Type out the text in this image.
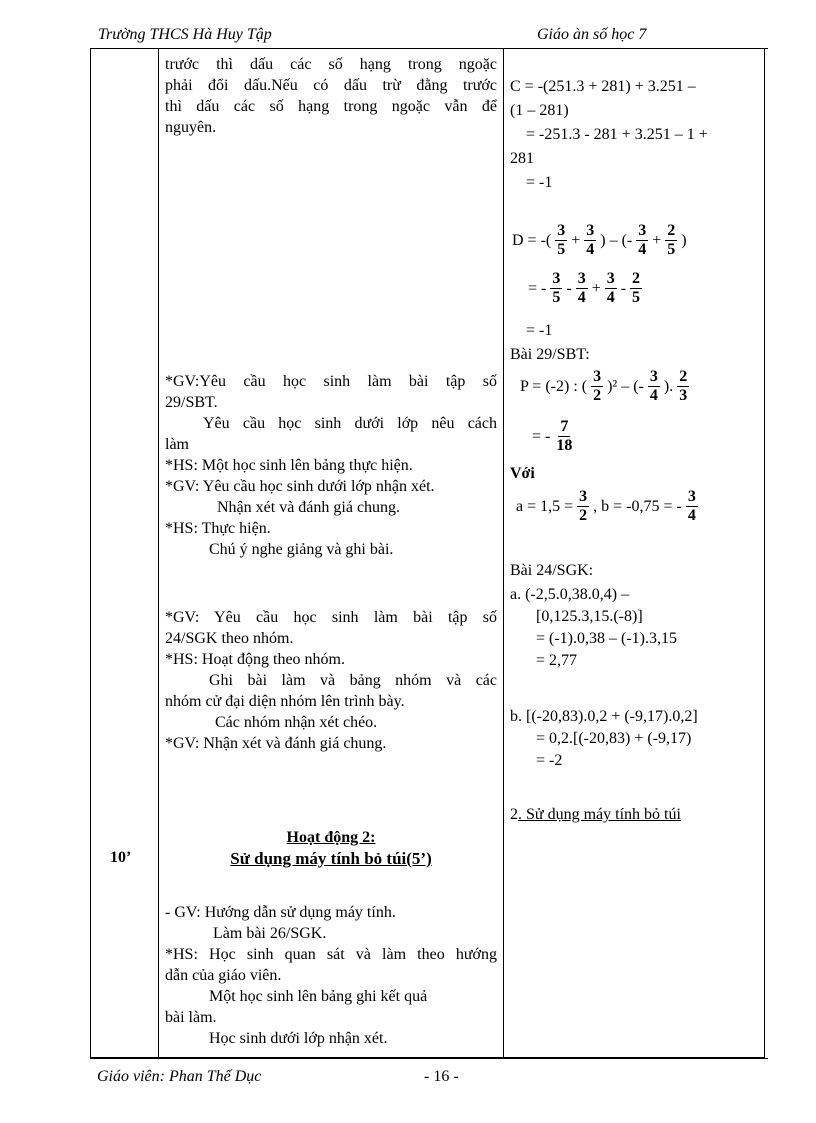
Trường THCS Hà Huy Tập	Giáo àn số học 7
10’
trước thì dấu các số hạng trong ngoặc
phải đổi dấu.Nếu có dấu trừ đằng trước
thì dấu các số hạng trong ngoặc vẫn để
nguyên.
*GV:Yêu cầu học sinh làm bài tập số
29/SBT.
Yêu cầu học sinh dưới lớp nêu cách
làm
*HS: Một học sinh lên bảng thực hiện.
*GV: Yêu cầu học sinh dưới lớp nhận xét.
Nhận xét và đánh giá chung.
*HS: Thực hiện.
Chú ý nghe giảng và ghi bài.
*GV: Yêu cầu học sinh làm bài tập số
24/SGK theo nhóm.
*HS: Hoạt động theo nhóm.
Ghi bài làm và bảng nhóm và các
nhóm cử đại diện nhóm lên trình bày.
Các nhóm nhận xét chéo.
*GV: Nhận xét và đánh giá chung.
Hoạt động 2:
Sử dụng máy tính bỏ túi(5’)
- GV: Hướng dẫn sử dụng máy tính.
Làm bài 26/SGK.
*HS: Học sinh quan sát và làm theo hướng
dẫn của giáo viên.
Một học sinh lên bảng ghi kết quả
bài làm.
Học sinh dưới lớp nhận xét.
C = -(251.3 + 281) + 3.251 –
(1 – 281)
= -251.3 - 281 + 3.251 – 1 +
281
= -1
D = -( $\frac{3}{5} + \frac{3}{4}$ ) – (- $\frac{3}{4} + \frac{2}{5}$ )
= - $\frac{3}{5} - \frac{3}{4} + \frac{3}{4} - \frac{2}{5}$
= -1
Bài 29/SBT:
P = (-2) : ( $\frac{3}{2} )^2$ – (- $\frac{3}{4}$ ). $\frac{2}{3}$
= - $\frac{7}{18}$
Với
$a = 1,5 = \frac{3}{2}$ , b = -0,75 = - $\frac{3}{4}$
Bài 24/SGK:
a. (-2,5.0,38.0,4) –
[0,125.3,15.(-8)]
= (-1).0,38 – (-1).3,15
= 2,77
b. [(-20,83).0,2 + (-9,17).0,2]
= 0,2.[(-20,83) + (-9,17)
= -2
2. Sử dụng máy tính bỏ túi
Giáo viên: Phan Thế Dục	- 16 -
